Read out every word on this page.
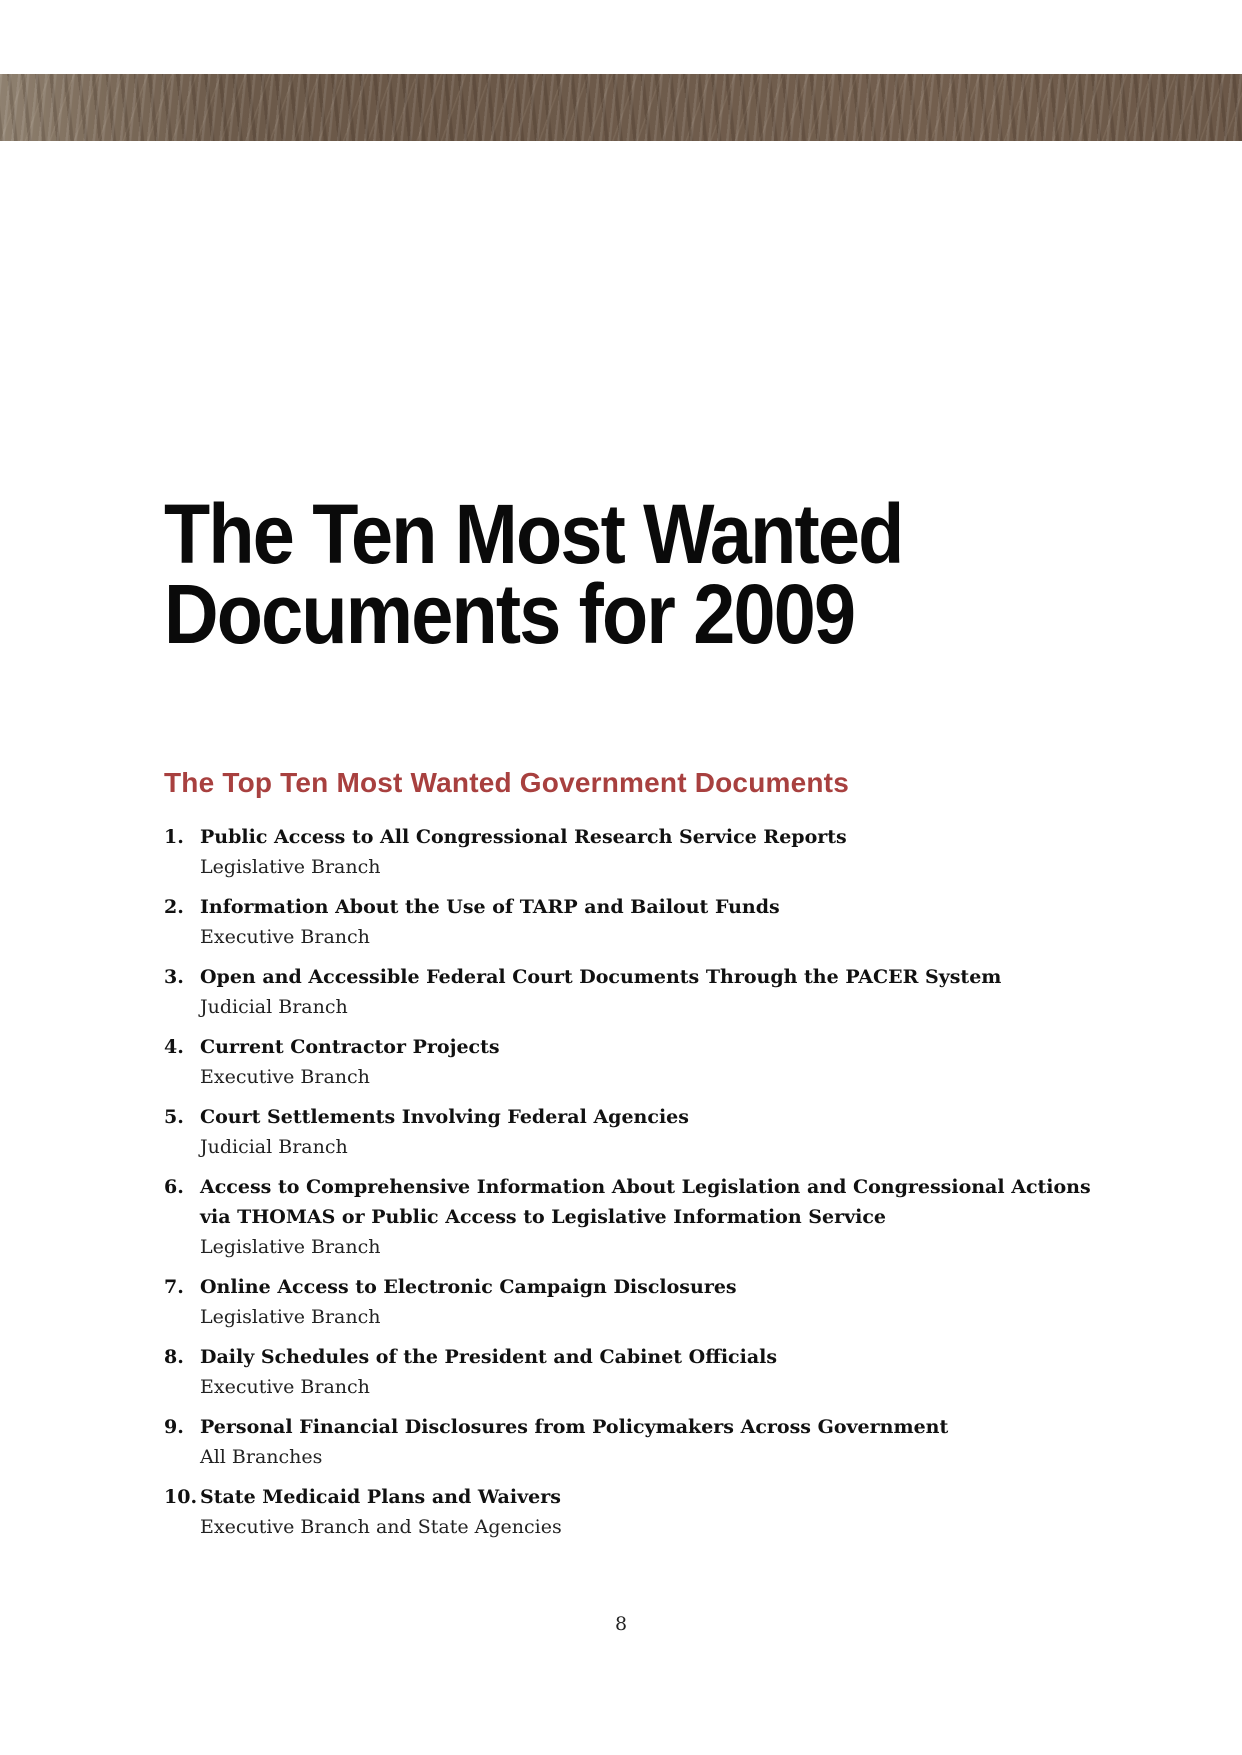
The Ten Most Wanted
Documents for 2009
The Top Ten Most Wanted Government Documents
1. Public Access to All Congressional Research Service Reports
Legislative Branch
2. Information About the Use of TARP and Bailout Funds
Executive Branch
3. Open and Accessible Federal Court Documents Through the PACER System
Judicial Branch
4. Current Contractor Projects
Executive Branch
5. Court Settlements Involving Federal Agencies
Judicial Branch
6. Access to Comprehensive Information About Legislation and Congressional Actions via THOMAS or Public Access to Legislative Information Service
Legislative Branch
7. Online Access to Electronic Campaign Disclosures
Legislative Branch
8. Daily Schedules of the President and Cabinet Officials
Executive Branch
9. Personal Financial Disclosures from Policymakers Across Government
All Branches
10. State Medicaid Plans and Waivers
Executive Branch and State Agencies
8
